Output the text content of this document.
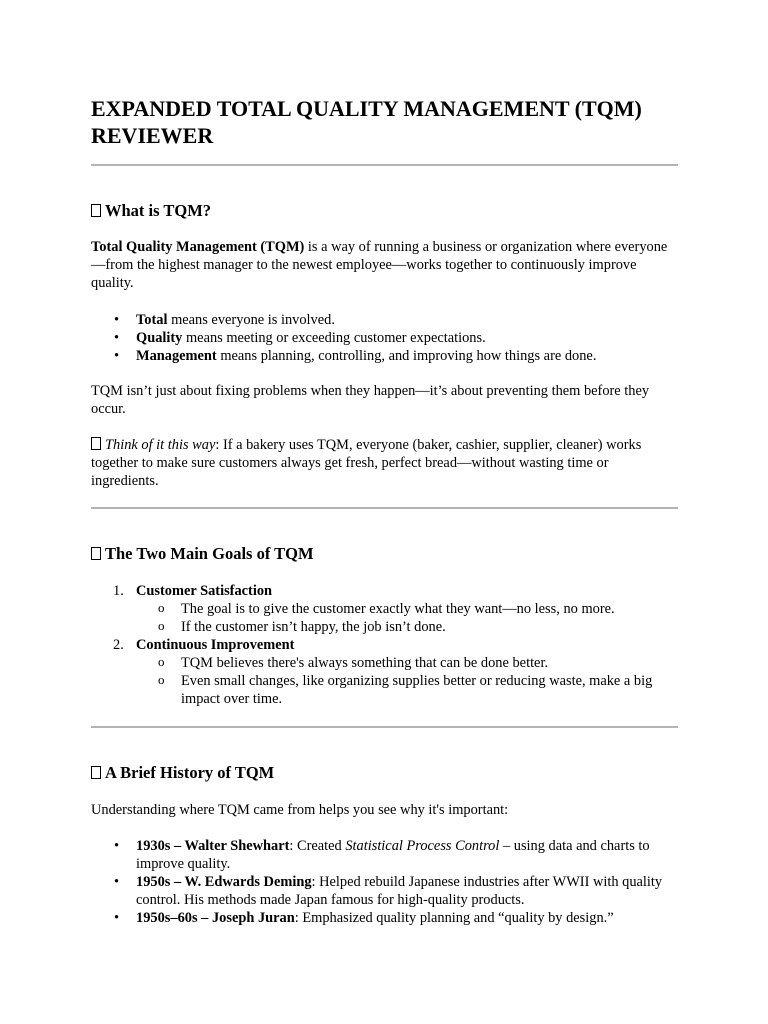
EXPANDED TOTAL QUALITY MANAGEMENT (TQM) REVIEWER
What is TQM?

Total Quality Management (TQM) is a way of running a business or organization where everyone—from the highest manager to the newest employee—works together to continuously improve quality.

• Total means everyone is involved.
• Quality means meeting or exceeding customer expectations.
• Management means planning, controlling, and improving how things are done.

TQM isn’t just about fixing problems when they happen—it’s about preventing them before they occur.

Think of it this way: If a bakery uses TQM, everyone (baker, cashier, supplier, cleaner) works together to make sure customers always get fresh, perfect bread—without wasting time or ingredients.

The Two Main Goals of TQM
1. Customer Satisfaction
o The goal is to give the customer exactly what they want—no less, no more.
o If the customer isn’t happy, the job isn’t done.
2. Continuous Improvement
o TQM believes there's always something that can be done better.
o Even small changes, like organizing supplies better or reducing waste, make a big impact over time.
A Brief History of TQM

Understanding where TQM came from helps you see why it's important:

• 1930s – Walter Shewhart: Created Statistical Process Control – using data and charts to improve quality.
• 1950s – W. Edwards Deming: Helped rebuild Japanese industries after WWII with quality control. His methods made Japan famous for high-quality products.
• 1950s–60s – Joseph Juran: Emphasized quality planning and “quality by design.”
